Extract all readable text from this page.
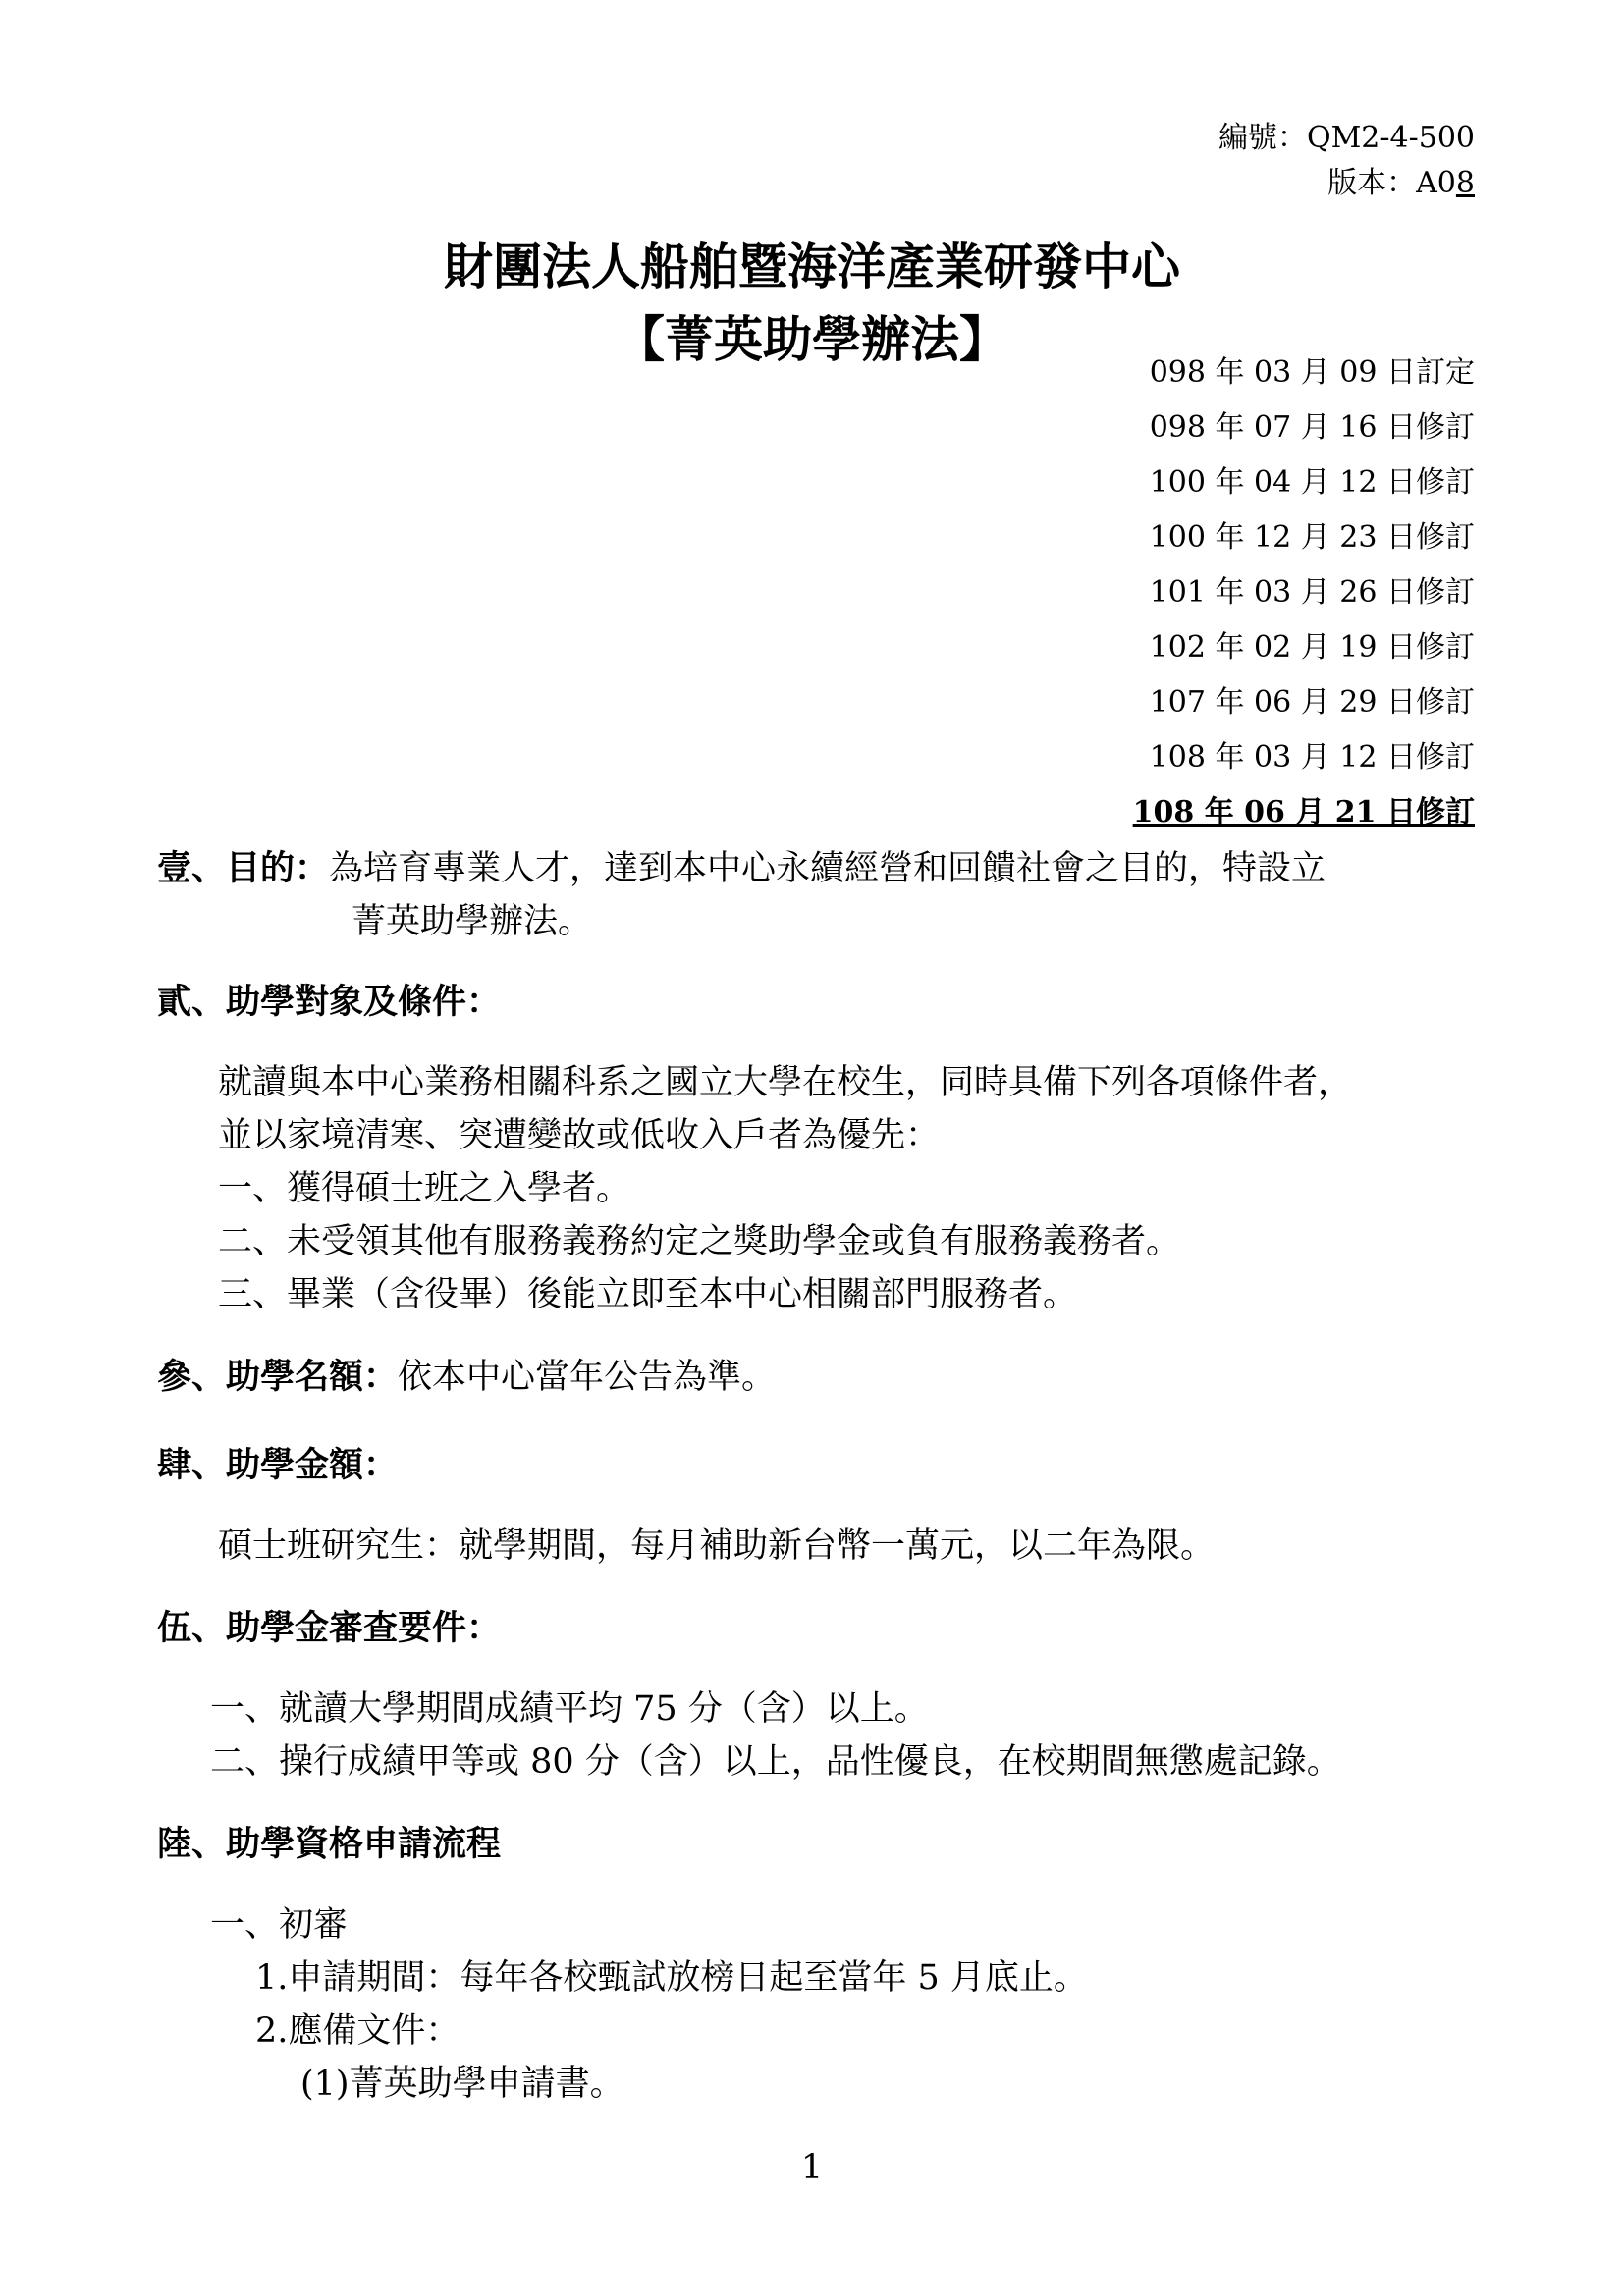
編號：QM2-4-500
版本：A08
財團法人船舶暨海洋產業研發中心
【菁英助學辦法】
098 年 03 月 09 日訂定
098 年 07 月 16 日修訂
100 年 04 月 12 日修訂
100 年 12 月 23 日修訂
101 年 03 月 26 日修訂
102 年 02 月 19 日修訂
107 年 06 月 29 日修訂
108 年 03 月 12 日修訂
108 年 06 月 21 日修訂
壹、目的：為培育專業人才，達到本中心永續經營和回饋社會之目的，特設立
菁英助學辦法。
貳、助學對象及條件：
就讀與本中心業務相關科系之國立大學在校生，同時具備下列各項條件者，
並以家境清寒、突遭變故或低收入戶者為優先：
一、獲得碩士班之入學者。
二、未受領其他有服務義務約定之獎助學金或負有服務義務者。
三、畢業（含役畢）後能立即至本中心相關部門服務者。
參、助學名額：依本中心當年公告為準。
肆、助學金額：
碩士班研究生：就學期間，每月補助新台幣一萬元，以二年為限。
伍、助學金審查要件：
一、就讀大學期間成績平均 75 分（含）以上。
二、操行成績甲等或 80 分（含）以上，品性優良，在校期間無懲處記錄。
陸、助學資格申請流程
一、初審
1.申請期間：每年各校甄試放榜日起至當年 5 月底止。
2.應備文件：
(1)菁英助學申請書。
1
